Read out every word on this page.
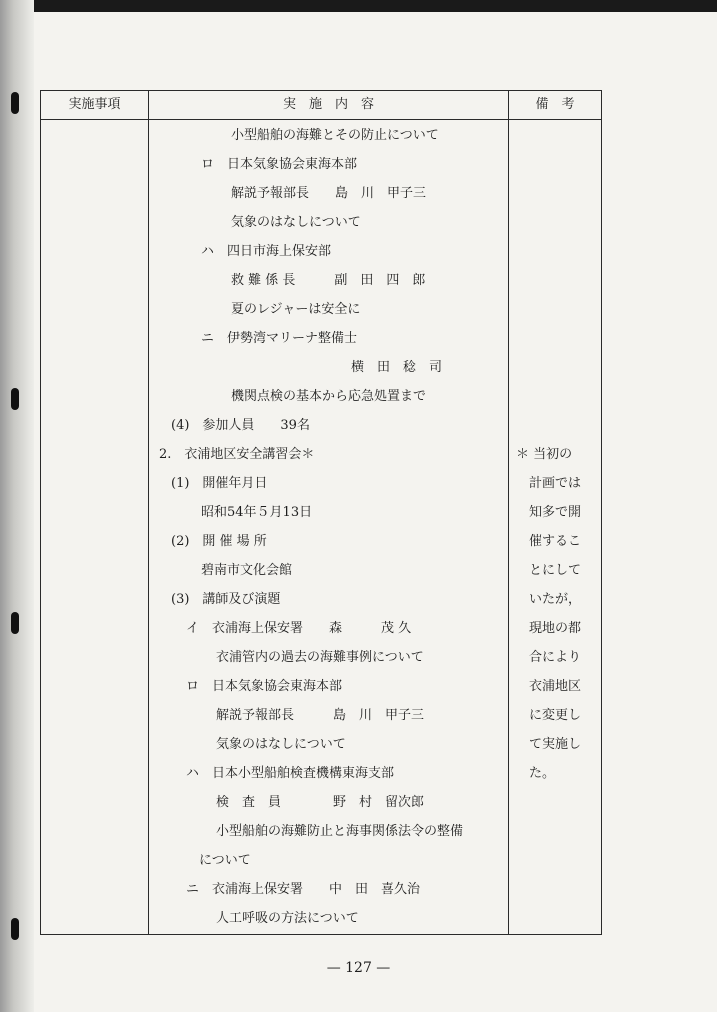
実施事項	実　施　内　容	備　考
小型船舶の海難とその防止について
ロ　日本気象協会東海本部
解説予報部長　　島　川　甲子三
気象のはなしについて
ハ　四日市海上保安部
救 難 係 長　　　副　田　四　郎
夏のレジャーは安全に
ニ　伊勢湾マリーナ整備士
横　田　稔　司
機関点検の基本から応急処置まで
(4)　参加人員　　39名
2.　衣浦地区安全講習会＊
(1)　開催年月日
昭和54年５月13日
(2)　開 催 場 所
碧南市文化会館
(3)　講師及び演題
イ　衣浦海上保安署　　森　　　茂 久
衣浦管内の過去の海難事例について
ロ　日本気象協会東海本部
解説予報部長　　　島　川　甲子三
気象のはなしについて
ハ　日本小型船舶検査機構東海支部
検　査　員　　　　野　村　留次郎
小型船舶の海難防止と海事関係法令の整備
について
ニ　衣浦海上保安署　　中　田　喜久治
人工呼吸の方法について
＊ 当初の
計画では
知多で開
催するこ
とにして
いたが，
現地の都
合により
衣浦地区
に変更し
て実施し
た。
— 127 —
